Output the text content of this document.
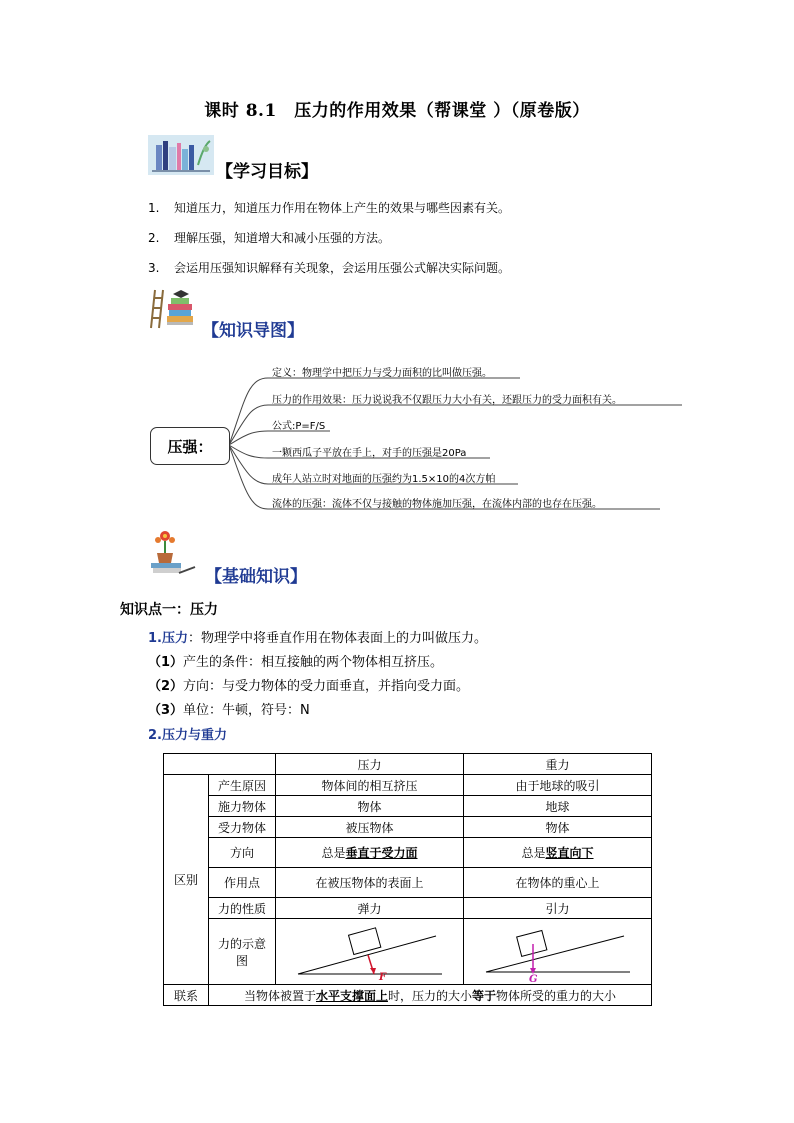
课时 8.1　压力的作用效果（帮课堂 ）（原卷版）
【学习目标】
1. 知道压力，知道压力作用在物体上产生的效果与哪些因素有关。
2. 理解压强，知道增大和减小压强的方法。
3. 会运用压强知识解释有关现象，会运用压强公式解决实际问题。
【知识导图】
压强：
定义：物理学中把压力与受力面积的比叫做压强。
压力的作用效果：压力说说我不仅跟压力大小有关，还跟压力的受力面积有关。
公式:P=F/S
一颗西瓜子平放在手上，对手的压强是20Pa
成年人站立时对地面的压强约为1.5×10的4次方帕
流体的压强：流体不仅与接触的物体施加压强，在流体内部的也存在压强。
【基础知识】
知识点一：压力
1.压力：物理学中将垂直作用在物体表面上的力叫做压力。
（1）产生的条件：相互接触的两个物体相互挤压。
（2）方向：与受力物体的受力面垂直，并指向受力面。
（3）单位：牛顿，符号：N
2.压力与重力
		压力	重力
区别	产生原因	物体间的相互挤压	由于地球的吸引
	施力物体	物体	地球
	受力物体	被压物体	物体
	方向	总是垂直于受力面	总是竖直向下
	作用点	在被压物体的表面上	在物体的重心上
	力的性质	弹力	引力
	力的示意图	F	G

联系	当物体被置于水平支撑面上时，压力的大小等于物体所受的重力的大小		
